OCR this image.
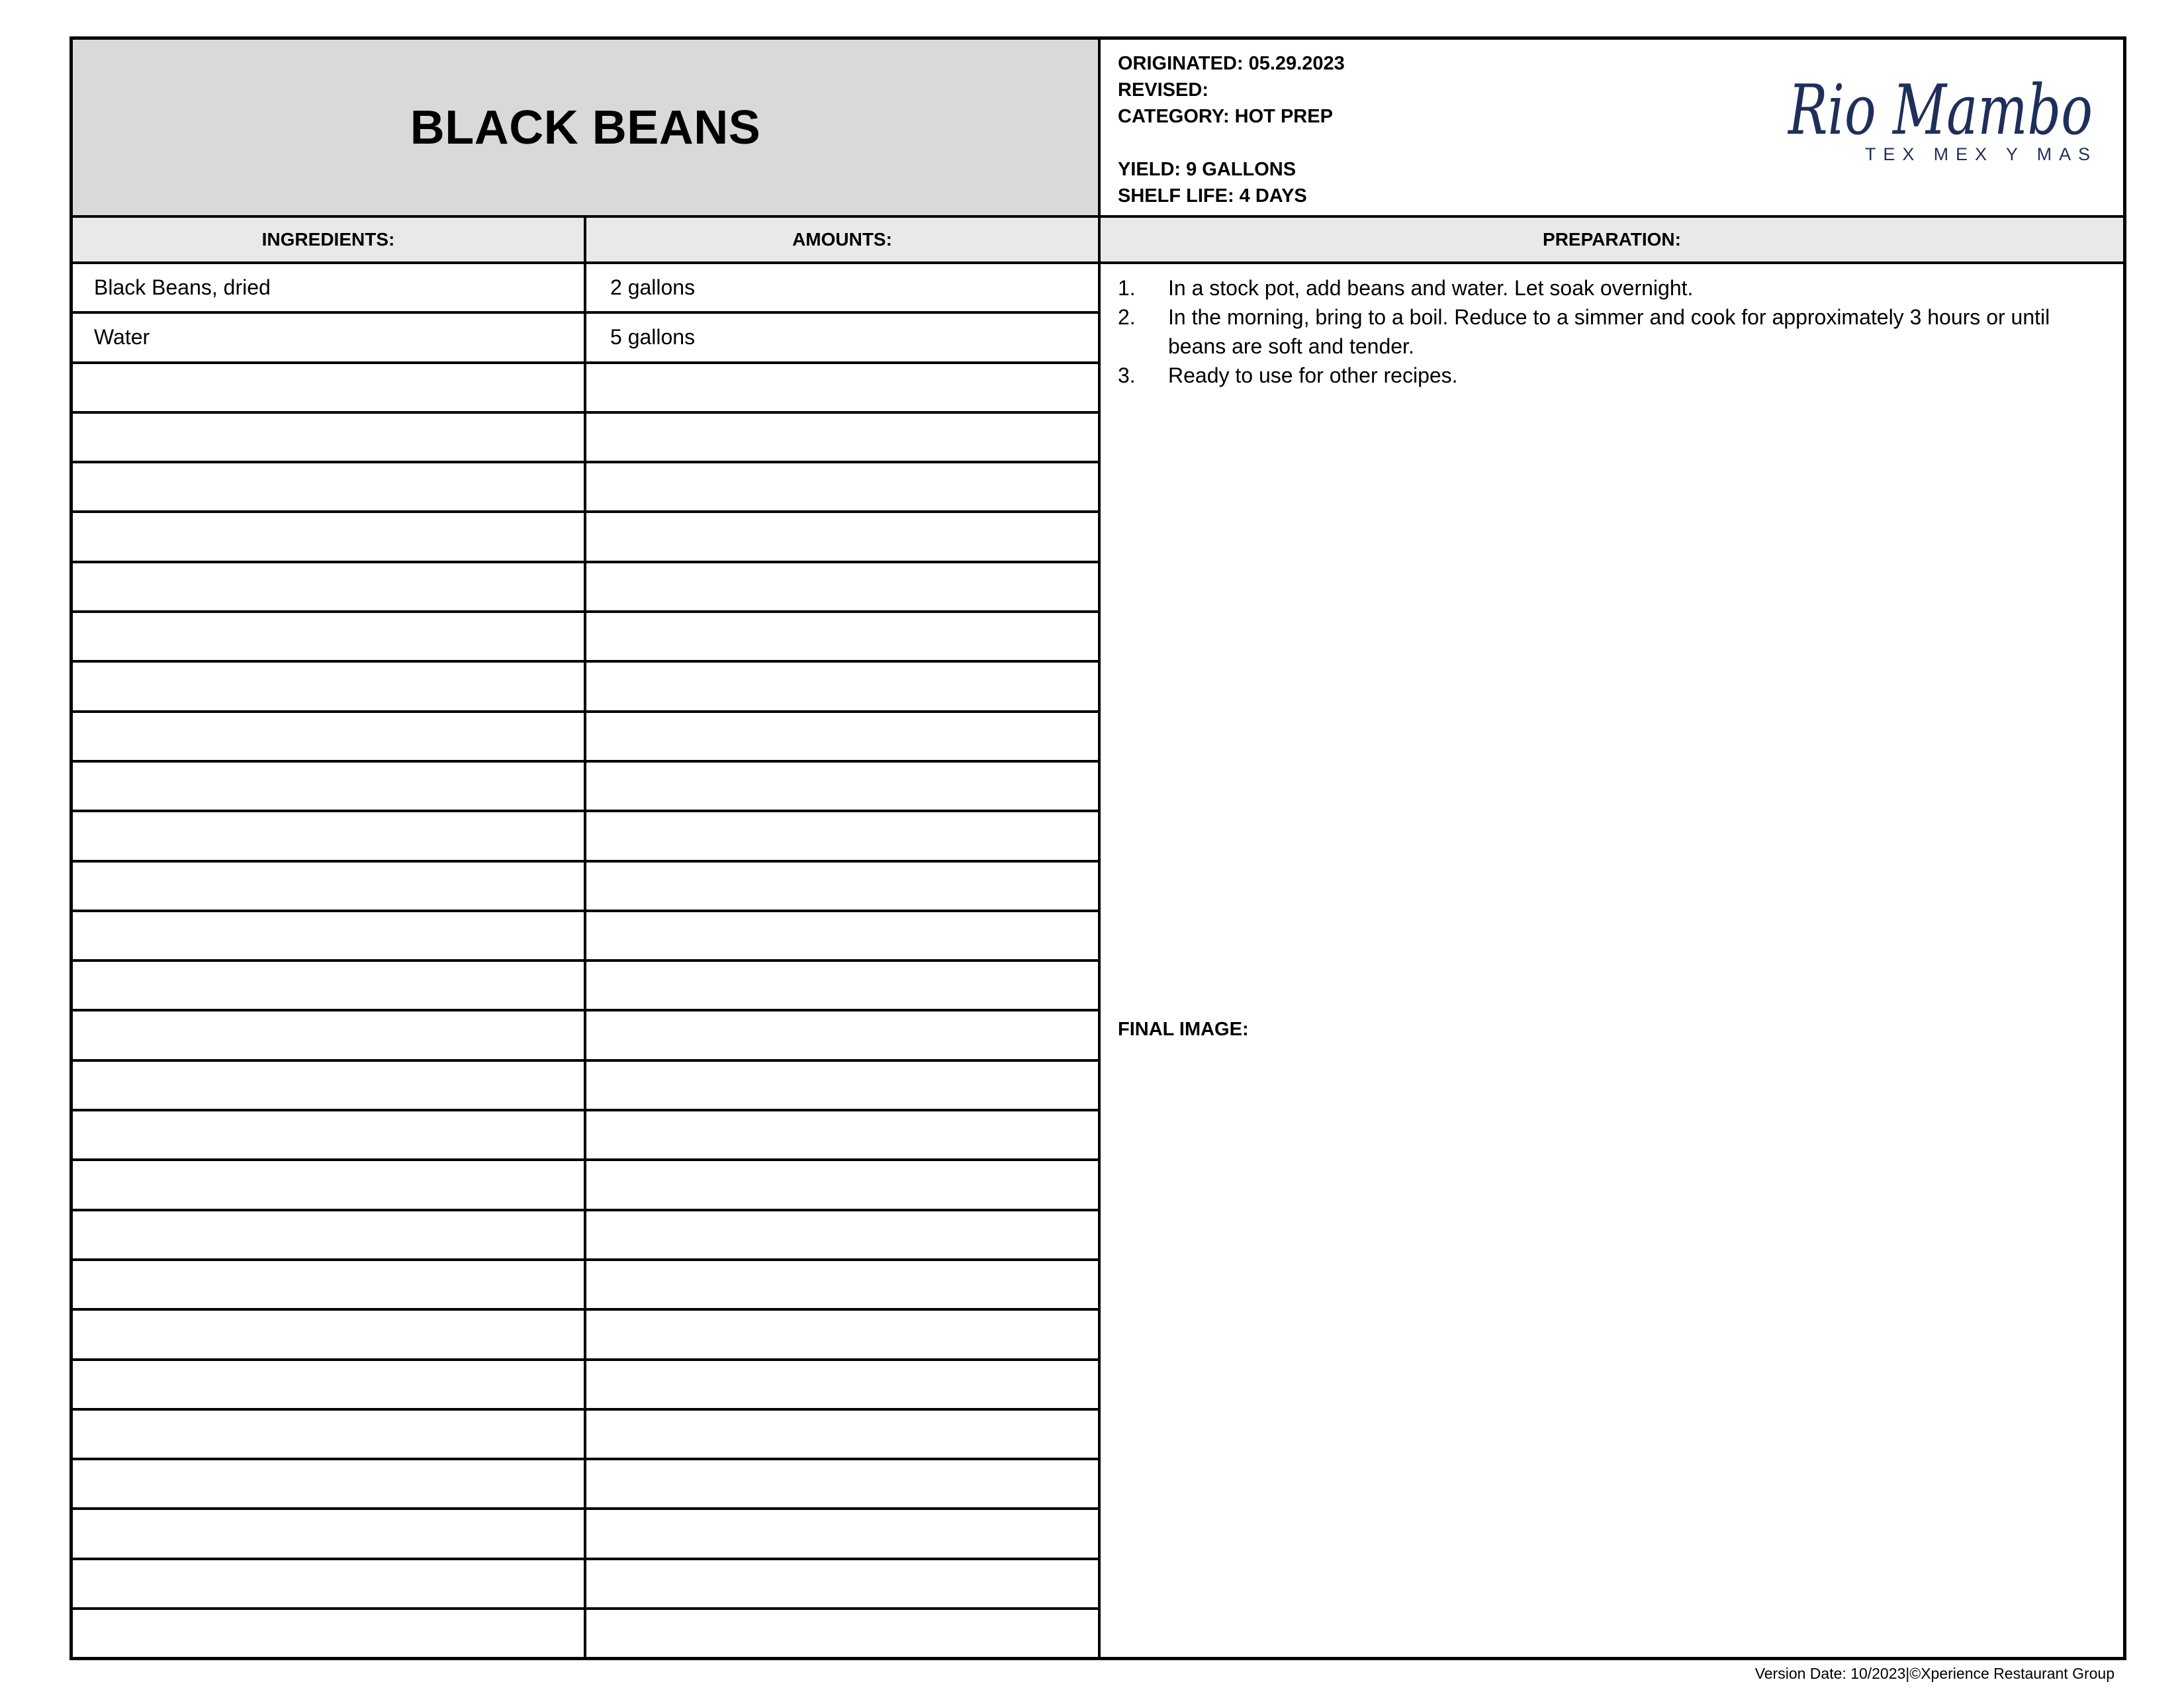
BLACK BEANS
ORIGINATED: 05.29.2023
REVISED:
CATEGORY: HOT PREP
YIELD: 9 GALLONS
SHELF LIFE: 4 DAYS
Rio Mambo
TEX MEX Y MAS
INGREDIENTS:	AMOUNTS:	PREPARATION:
Black Beans, dried	2 gallons
Water	5 gallons
1.	In a stock pot, add beans and water. Let soak overnight.
2.	In the morning, bring to a boil. Reduce to a simmer and cook for approximately 3 hours or until beans are soft and tender.
3.	Ready to use for other recipes.
FINAL IMAGE:
Version Date: 10/2023|©Xperience Restaurant Group
